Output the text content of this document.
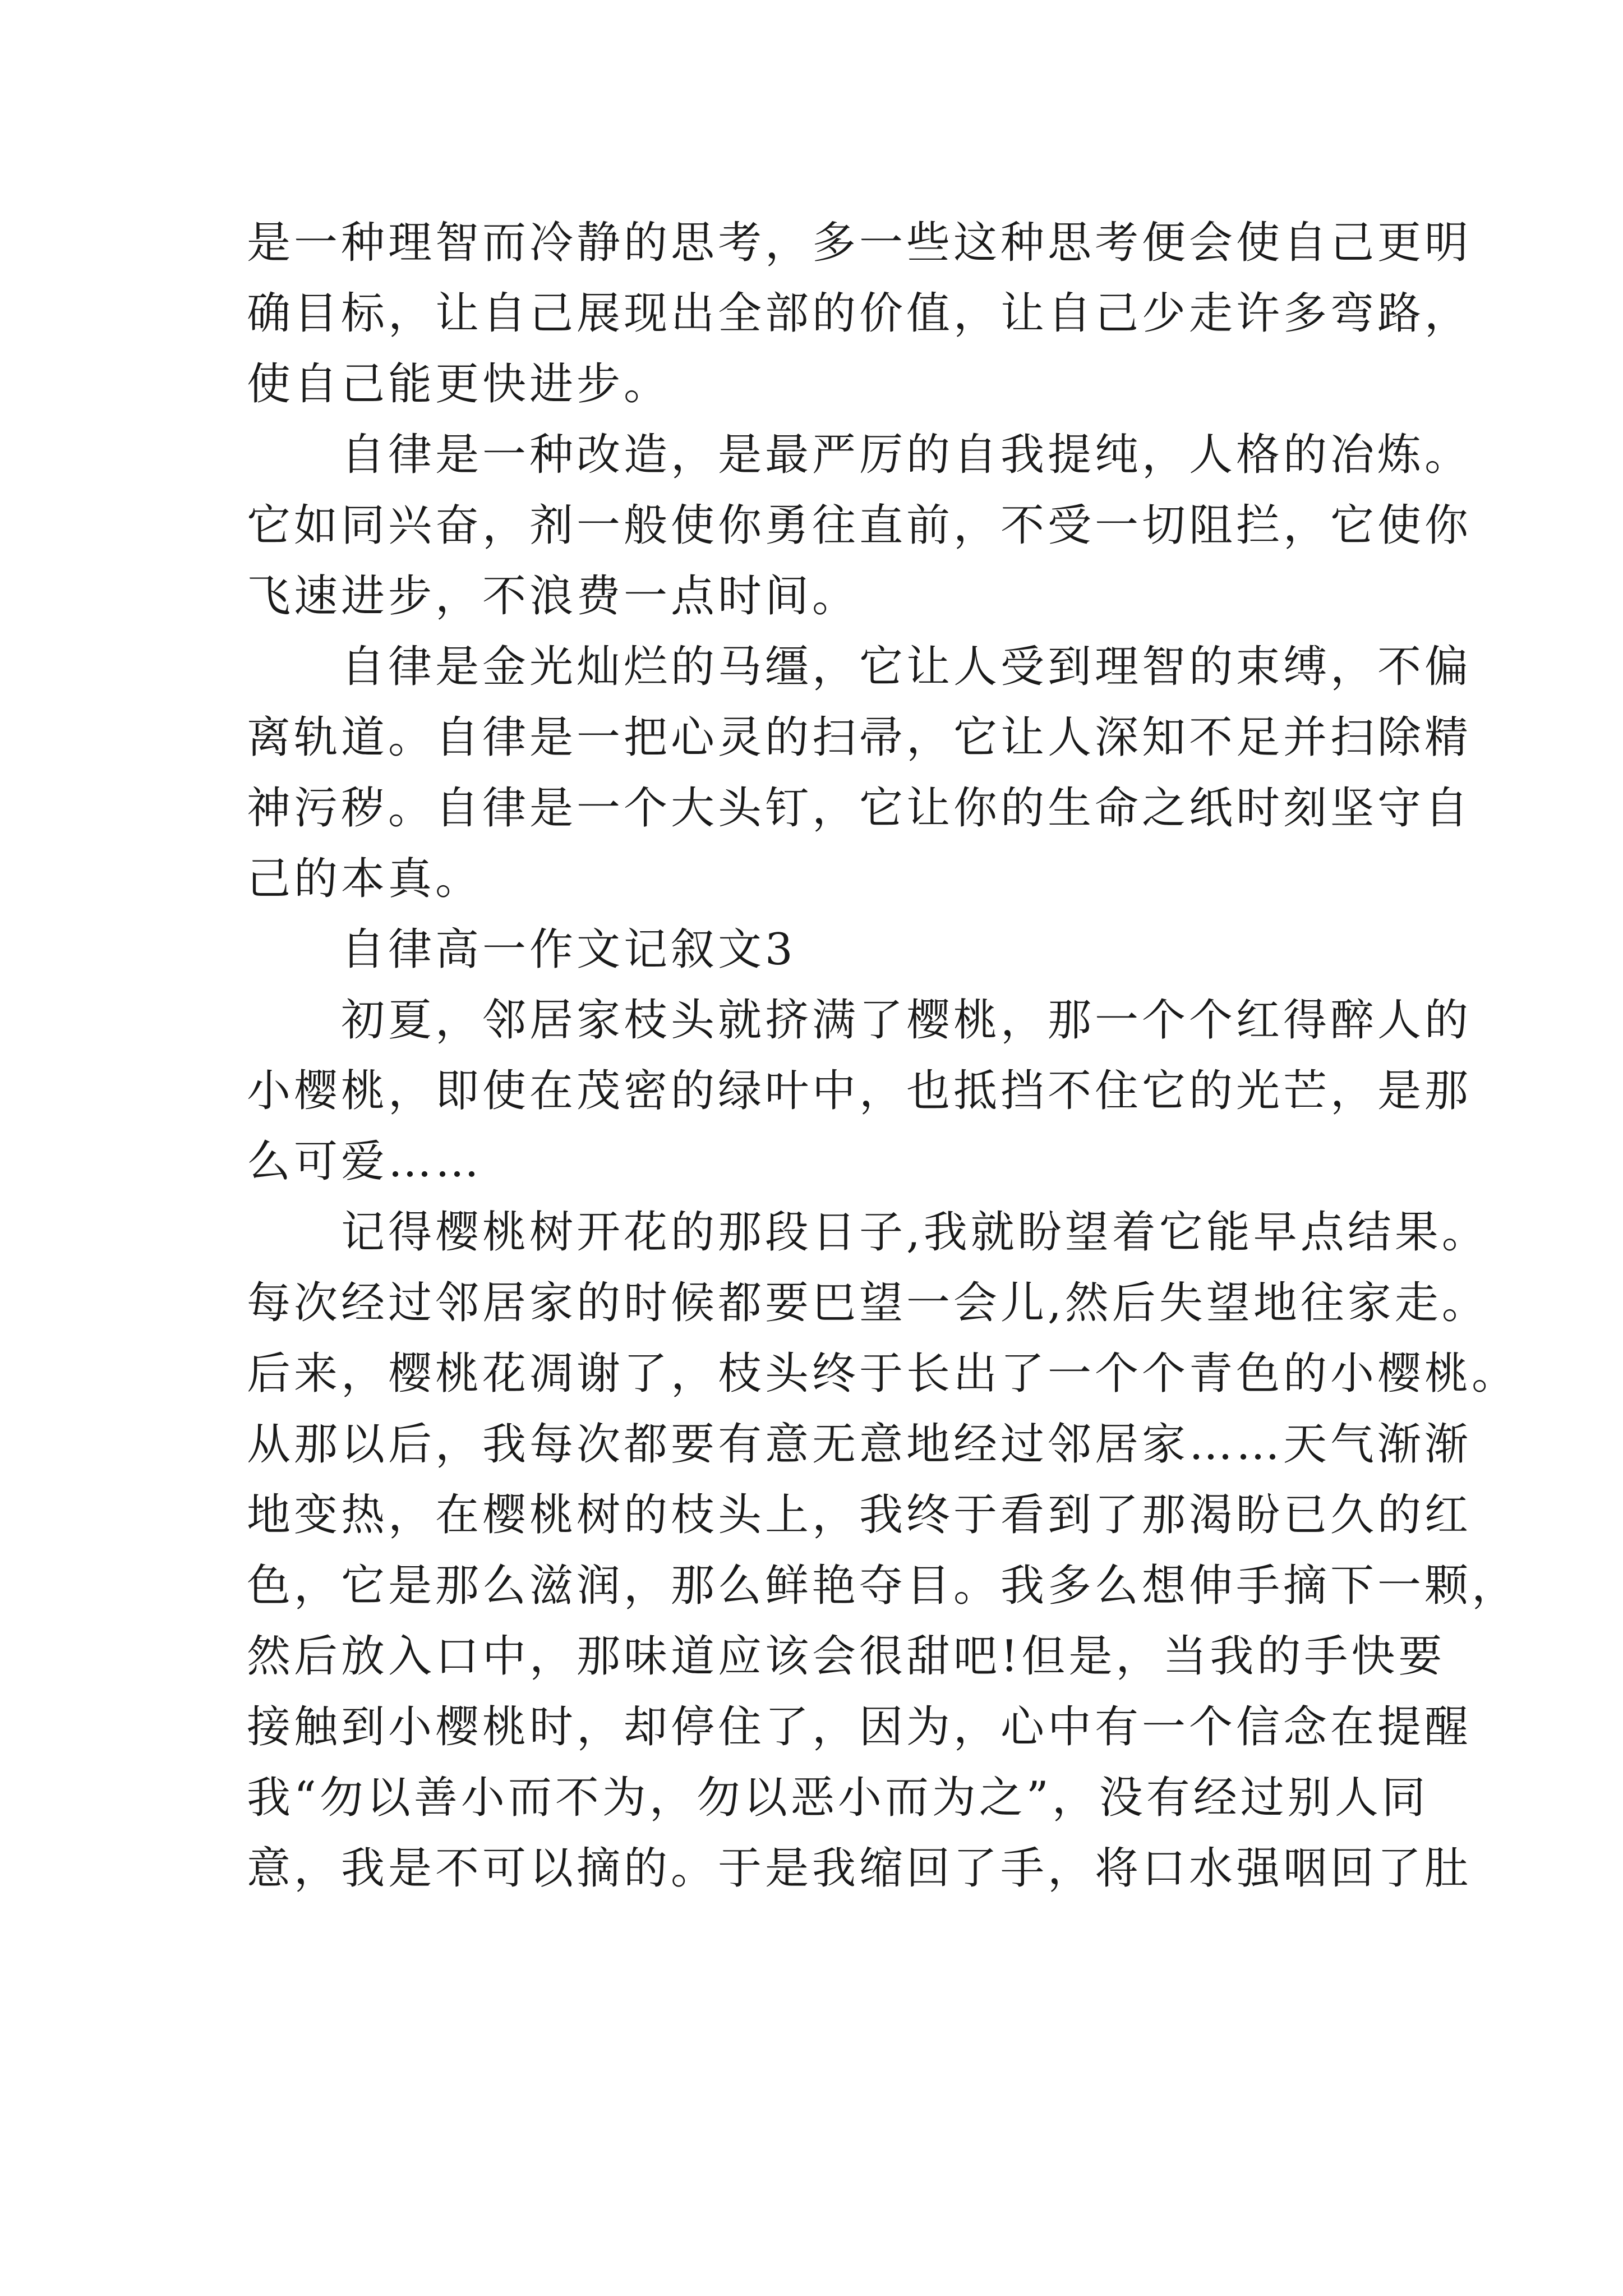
是一种理智而冷静的思考，多一些这种思考便会使自己更明
确目标，让自己展现出全部的价值，让自己少走许多弯路，
使自己能更快进步。
自律是一种改造，是最严厉的自我提纯，人格的冶炼。
它如同兴奋，剂一般使你勇往直前，不受一切阻拦，它使你
飞速进步，不浪费一点时间。
自律是金光灿烂的马缰，它让人受到理智的束缚，不偏
离轨道。自律是一把心灵的扫帚，它让人深知不足并扫除精
神污秽。自律是一个大头钉，它让你的生命之纸时刻坚守自
己的本真。
自律高一作文记叙文3
初夏，邻居家枝头就挤满了樱桃，那一个个红得醉人的
小樱桃，即使在茂密的绿叶中，也抵挡不住它的光芒，是那
么可爱……
记得樱桃树开花的那段日子,我就盼望着它能早点结果。
每次经过邻居家的时候都要巴望一会儿,然后失望地往家走。
后来，樱桃花凋谢了，枝头终于长出了一个个青色的小樱桃。
从那以后，我每次都要有意无意地经过邻居家……天气渐渐
地变热，在樱桃树的枝头上，我终于看到了那渴盼已久的红
色，它是那么滋润，那么鲜艳夺目。我多么想伸手摘下一颗，
然后放入口中，那味道应该会很甜吧!但是，当我的手快要
接触到小樱桃时，却停住了，因为，心中有一个信念在提醒
我“勿以善小而不为，勿以恶小而为之”，没有经过别人同
意，我是不可以摘的。于是我缩回了手，将口水强咽回了肚
